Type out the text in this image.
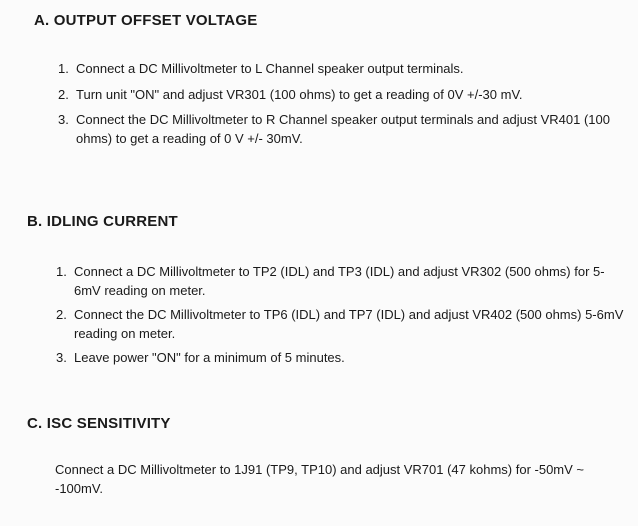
A. OUTPUT OFFSET VOLTAGE
1. Connect a DC Millivoltmeter to L Channel speaker output terminals.
2. Turn unit "ON" and adjust VR301 (100 ohms) to get a reading of 0V +/-30 mV.
3. Connect the DC Millivoltmeter to R Channel speaker output terminals and adjust VR401 (100 ohms) to get a reading of 0 V +/- 30mV.
B. IDLING CURRENT
1. Connect a DC Millivoltmeter to TP2 (IDL) and TP3 (IDL) and adjust VR302 (500 ohms) for 5-6mV reading on meter.
2. Connect the DC Millivoltmeter to TP6 (IDL) and TP7 (IDL) and adjust VR402 (500 ohms) 5-6mV reading on meter.
3. Leave power "ON" for a minimum of 5 minutes.
C. ISC SENSITIVITY

Connect a DC Millivoltmeter to 1J91 (TP9, TP10) and adjust VR701 (47 kohms) for -50mV ~ -100mV.
